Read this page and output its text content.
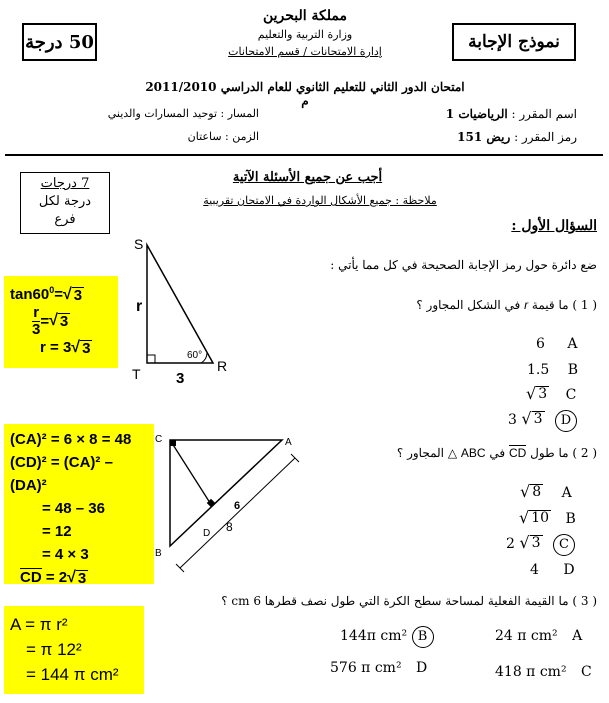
مملكة البحرين
وزارة التربية والتعليم
إدارة الامتحانات / قسم الامتحانات
50 درجة	نموذج الإجابة
امتحان الدور الثاني للتعليم الثانوي للعام الدراسي 2011/2010 م
اسم المقرر : الرياضيات 1
رمز المقرر : ريض 151
المسار : توحيد المسارات والديني
الزمن : ساعتان
أجب عن جميع الأسئلة الآتية
ملاحظة : جميع الأشكال الواردة في الامتحان تقريبية
7 درجات
درجة لكل
فرع	السؤال الأول :
ضع دائرة حول رمز الإجابة الصحيحة في كل مما يأتي :
( 1 ) ما قيمة r في الشكل المجاور ؟
6 A
1.5 B
√ 3 C
3 √ 3 D
( 2 ) ما طول CD في ABC △ المجاور ؟
√ 8 A
√ 10 B
2 √ 3 C
4 D
( 3 ) ما القيمة الفعلية لمساحة سطح الكرة التي طول نصف قطرها 6 cm ؟
24 π cm² A
144π cm² B
418 π cm² C
576 π cm² D
S
T	R
r
3
60°
C	A
B
D
6
8
$\tan 60^0=$ √ 3
r
3 = √ 3
r = 3 √ 3
(CA)² = 6 × 8 = 48
(CD)² = (CA)² – (DA)²
= 48 – 36
= 12
= 4 × 3
CD = 2 √ 3
A = π r²
= π 12²
= 144 π cm²
